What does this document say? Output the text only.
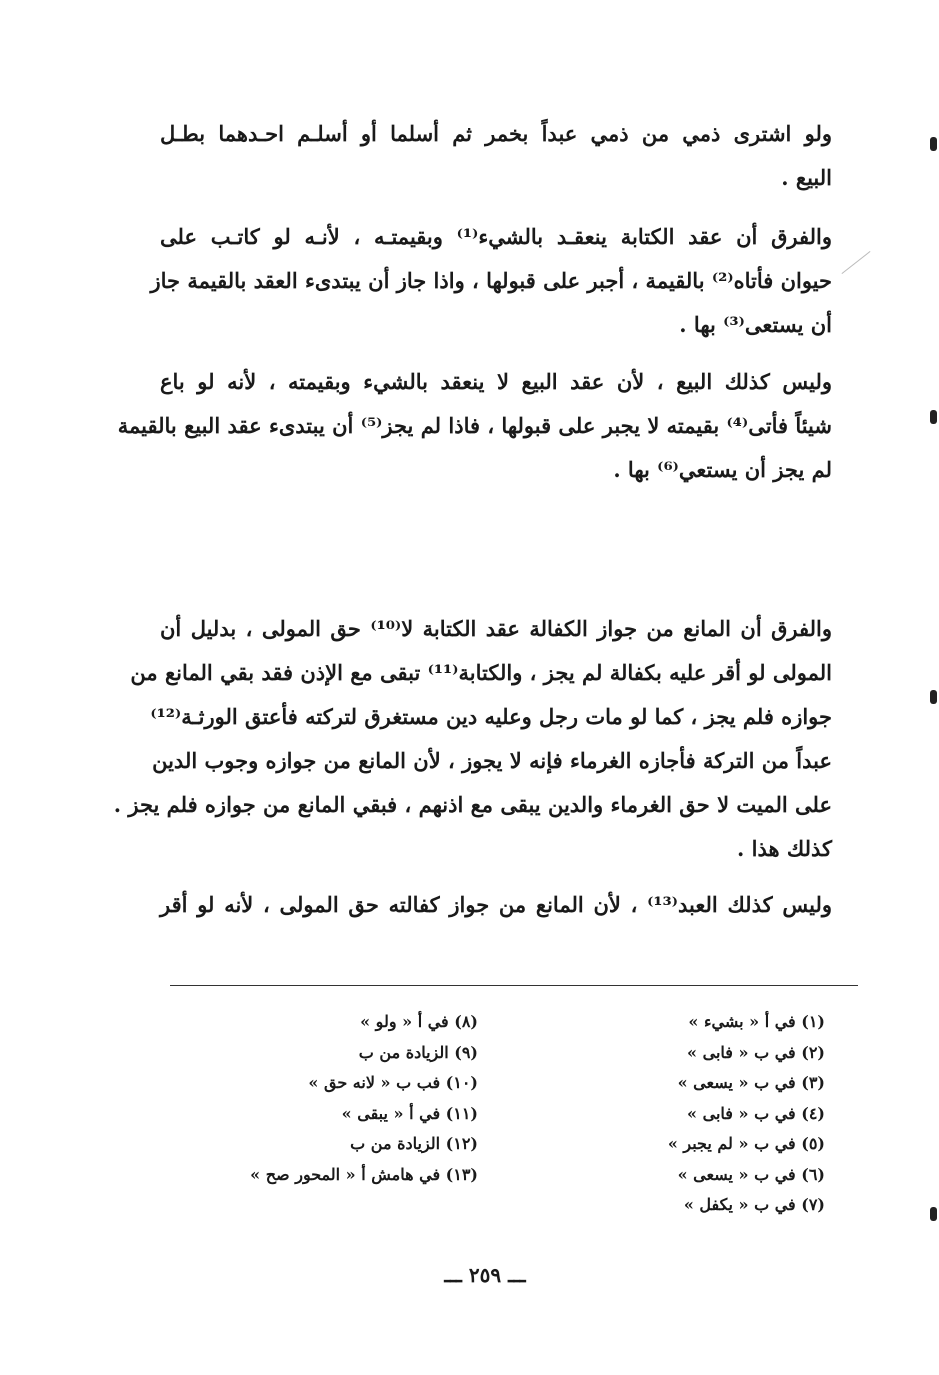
ولو اشترى ذمي من ذمي عبداً بخمر ثم أسلما أو أسلـم احـدهما بطـل
البيع .

والفرق أن عقد الكتابة ينعقـد بالشيء⁽¹⁾ وبقيمتـه ، لأنـه لو كاتـب على
حيوان فأتاه⁽²⁾ بالقيمة ، أجبر على قبولها ، واذا جاز أن يبتدىء العقد بالقيمة جاز
أن يستعى⁽³⁾ بها .

وليس كذلك البيع ، لأن عقد البيع لا ينعقد بالشيء وبقيمته ، لأنه لو باع
شيئاً فأتى⁽⁴⁾ بقيمته لا يجبر على قبولها ، فاذا لم يجز⁽⁵⁾ أن يبتدىء عقد البيع بالقيمة
لم يجز أن يستعي⁽⁶⁾ بها .

والفرق أن المانع من جواز الكفالة عقد الكتابة لا⁽¹⁰⁾ حق المولى ، بدليل أن
المولى لو أقر عليه بكفالة لم يجز ، والكتابة⁽¹¹⁾ تبقى مع الإذن فقد بقي المانع من
جوازه فلم يجز ، كما لو مات رجل وعليه دين مستغرق لتركته فأعتق الورثـة⁽¹²⁾
عبداً من التركة فأجازه الغرماء فإنه لا يجوز ، لأن المانع من جوازه وجوب الدين
على الميت لا حق الغرماء والدين يبقى مع اذنهم ، فبقي المانع من جوازه فلم يجز .
كذلك هذا .

وليس كذلك العبد⁽¹³⁾ ، لأن المانع من جواز كفالته حق المولى ، لأنه لو أقر

(١) في أ « بشيء »
(٢) في ب « فابى »
(٣) في ب « يسعى »
(٤) في ب « فابى »
(٥) في ب « لم يجبر »
(٦) في ب « يسعى »
(٧) في ب « يكفل »
(٨) في أ « ولو »
(٩) الزيادة من ب
(١٠) فب ب « لانه حق »
(١١) في أ « يبقى »
(١٢) الزيادة من ب
(١٣) في هامش أ « المحور صح »
ـــ ٢٥٩ ـــ
